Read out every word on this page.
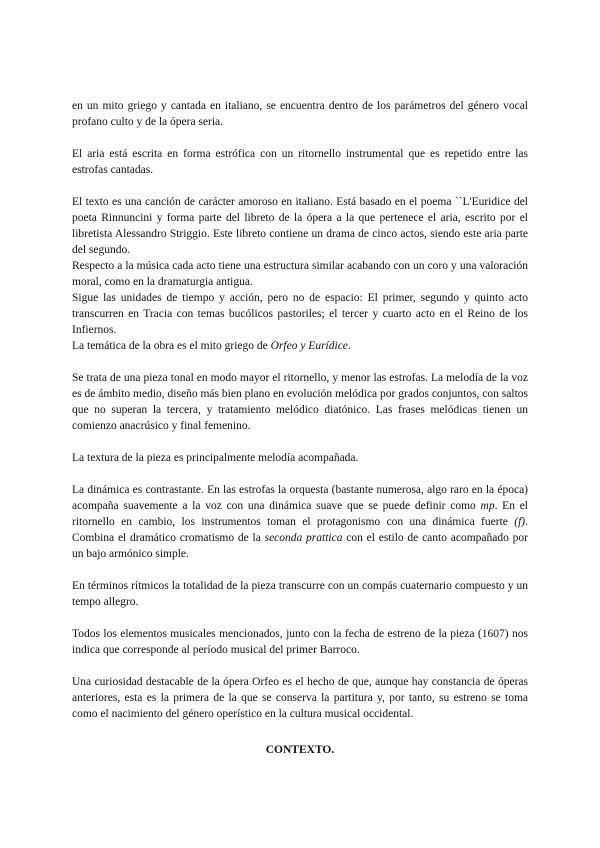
en un mito griego y cantada en italiano, se encuentra dentro de los parámetros del género vocal profano culto y de la ópera seria.

El aria está escrita en forma estrófica con un ritornello instrumental que es repetido entre las estrofas cantadas.

El texto es una canción de carácter amoroso en italiano. Está basado en el poema ``L'Euridice del poeta Rinnuncini y forma parte del libreto de la ópera a la que pertenece el aria, escrito por el libretista Alessandro Striggio. Este libreto contiene un drama de cinco actos, siendo este aria parte del segundo.

Respecto a la música cada acto tiene una estructura similar acabando con un coro y una valoración moral, como en la dramaturgia antigua.

Sigue las unidades de tiempo y acción, pero no de espacio: El primer, segundo y quinto acto transcurren en Tracia con temas bucólicos pastoriles; el tercer y cuarto acto en el Reino de los Infiernos.

La temática de la obra es el mito griego de Orfeo y Eurídice.

Se trata de una pieza tonal en modo mayor el ritornello, y menor las estrofas. La melodía de la voz es de ámbito medio, diseño más bien plano en evolución melódica por grados conjuntos, con saltos que no superan la tercera, y tratamiento melódico diatónico. Las frases melódicas tienen un comienzo anacrúsico y final femenino.

La textura de la pieza es principalmente melodía acompañada.

La dinámica es contrastante. En las estrofas la orquesta (bastante numerosa, algo raro en la época) acompaña suavemente a la voz con una dinámica suave que se puede definir como mp. En el ritornello en cambio, los instrumentos toman el protagonismo con una dinámica fuerte (f). Combina el dramático cromatismo de la seconda prattica con el estilo de canto acompañado por un bajo armónico simple.

En términos rítmicos la totalidad de la pieza transcurre con un compás cuaternario compuesto y un tempo allegro.

Todos los elementos musicales mencionados, junto con la fecha de estreno de la pieza (1607) nos indica que corresponde al período musical del primer Barroco.

Una curiosidad destacable de la ópera Orfeo es el hecho de que, aunque hay constancia de óperas anteriores, esta es la primera de la que se conserva la partitura y, por tanto, su estreno se toma como el nacimiento del género operístico en la cultura musical occidental.

CONTEXTO.
